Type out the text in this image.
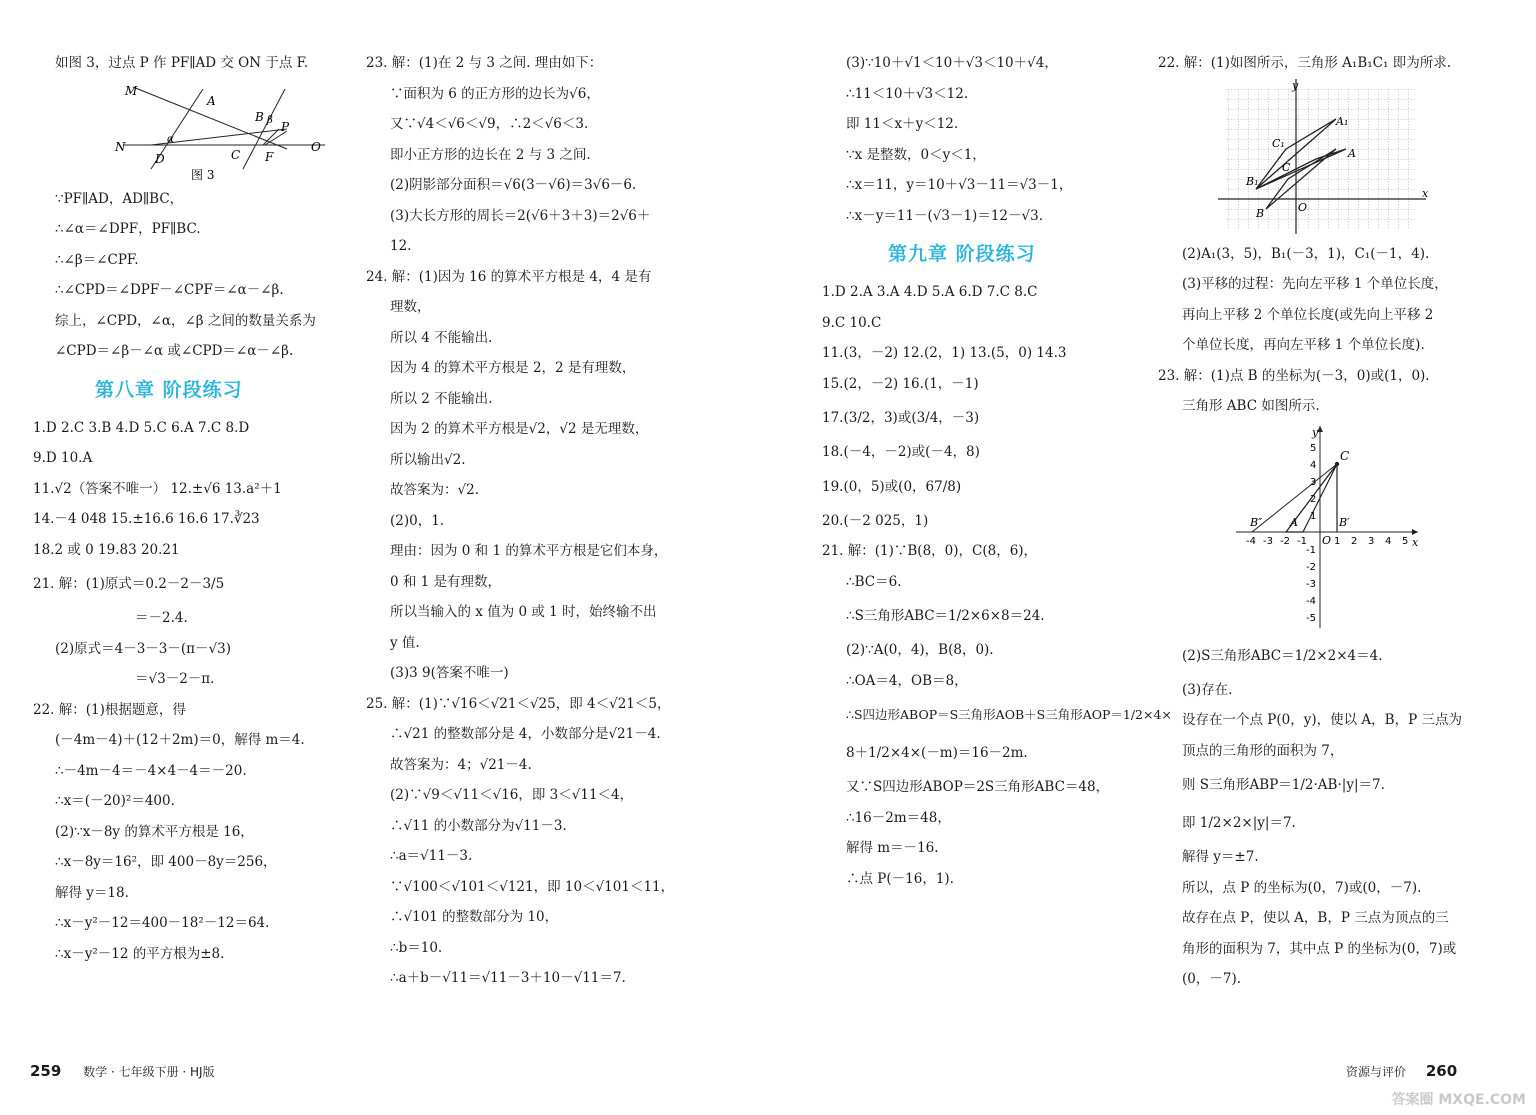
如图 3，过点 P 作 PF∥AD 交 ON 于点 F.
M
A
B β P
N
α
D	C F
O
图 3
∵PF∥AD，AD∥BC，
∴∠α＝∠DPF，PF∥BC.
∴∠β＝∠CPF.
∴∠CPD＝∠DPF－∠CPF＝∠α－∠β.
综上，∠CPD，∠α，∠β 之间的数量关系为
∠CPD＝∠β－∠α 或∠CPD＝∠α－∠β.
第八章 阶段练习
1.D 2.C 3.B 4.D 5.C 6.A 7.C 8.D
9.D 10.A
11.√2（答案不唯一） 12.±√6 13.a²＋1
14.－4 048 15.±16.6 16.6 17.∛23
18.2 或 0 19.83 20.21
21. 解：(1)原式＝0.2－2－3/5
＝－2.4.
(2)原式＝4－3－3－(π－√3)
＝√3－2－π.
22. 解：(1)根据题意，得
(－4m－4)＋(12＋2m)＝0，解得 m＝4.
∴－4m－4＝－4×4－4＝－20.
∴x＝(－20)²＝400.
(2)∵x－8y 的算术平方根是 16，
∴x－8y＝16²，即 400－8y＝256，
解得 y＝18.
∴x－y²－12＝400－18²－12＝64.
∴x－y²－12 的平方根为±8.
23. 解：(1)在 2 与 3 之间. 理由如下：
∵面积为 6 的正方形的边长为√6，
又∵√4＜√6＜√9，∴2＜√6＜3.
即小正方形的边长在 2 与 3 之间.
(2)阴影部分面积＝√6(3－√6)＝3√6－6.
(3)大长方形的周长＝2(√6＋3＋3)＝2√6＋
12.
24. 解：(1)因为 16 的算术平方根是 4，4 是有
理数，
所以 4 不能输出.
因为 4 的算术平方根是 2，2 是有理数，
所以 2 不能输出.
因为 2 的算术平方根是√2，√2 是无理数，
所以输出√2.
故答案为：√2.
(2)0，1.
理由：因为 0 和 1 的算术平方根是它们本身，
0 和 1 是有理数，
所以当输入的 x 值为 0 或 1 时，始终输不出
y 值.
(3)3 9(答案不唯一)
25. 解：(1)∵√16＜√21＜√25，即 4＜√21＜5，
∴√21 的整数部分是 4，小数部分是√21－4.
故答案为：4；√21－4.
(2)∵√9＜√11＜√16，即 3＜√11＜4，
∴√11 的小数部分为√11－3.
∴a＝√11－3.
∵√100＜√101＜√121，即 10＜√101＜11，
∴√101 的整数部分为 10，
∴b＝10.
∴a＋b－√11＝√11－3＋10－√11＝7.
(3)∵10＋√1＜10＋√3＜10＋√4，
∴11＜10＋√3＜12.
即 11＜x＋y＜12.
∵x 是整数，0＜y＜1，
∴x＝11，y＝10＋√3－11＝√3－1，
∴x－y＝11－(√3－1)＝12－√3.
第九章 阶段练习
1.D 2.A 3.A 4.D 5.A 6.D 7.C 8.C
9.C 10.C
11.(3，－2) 12.(2，1) 13.(5，0) 14.3
15.(2，－2) 16.(1，－1)
17.(3/2，3)或(3/4，－3)
18.(－4，－2)或(－4，8)
19.(0，5)或(0，67/8)
20.(－2 025，1)
21. 解：(1)∵B(8，0)，C(8，6)，
∴BC＝6.
∴S三角形ABC＝1/2×6×8＝24.
(2)∵A(0，4)，B(8，0).
∴OA＝4，OB＝8，
∴S四边形ABOP＝S三角形AOB＋S三角形AOP＝1/2×4×
8＋1/2×4×(－m)＝16－2m.
又∵S四边形ABOP＝2S三角形ABC＝48，
∴16－2m＝48，
解得 m＝－16.
∴点 P(－16，1).
22. 解：(1)如图所示，三角形 A₁B₁C₁ 即为所求.
y
x
O
A
A₁
B
B₁
C
C₁
(2)A₁(3，5)，B₁(－3，1)，C₁(－1，4).
(3)平移的过程：先向左平移 1 个单位长度，
再向上平移 2 个单位长度(或先向上平移 2
个单位长度，再向左平移 1 个单位长度).
23. 解：(1)点 B 的坐标为(－3，0)或(1，0).
三角形 ABC 如图所示.
y
x
O
C
A
B″	B′
-4 -3 -2 -1	1 2 3 4 5
5
4
3
2
1
-1
-2
-3
-4
-5
(2)S三角形ABC＝1/2×2×4＝4.
(3)存在.
设存在一个点 P(0，y)，使以 A，B，P 三点为
顶点的三角形的面积为 7，
则 S三角形ABP＝1/2·AB·|y|＝7.
即 1/2×2×|y|＝7.
解得 y＝±7.
所以，点 P 的坐标为(0，7)或(0，－7).
故存在点 P，使以 A，B，P 三点为顶点的三
角形的面积为 7，其中点 P 的坐标为(0，7)或
(0，－7).
259 数学 · 七年级下册 · HJ版	资源与评价 260
答案圈 MXQE.COM
